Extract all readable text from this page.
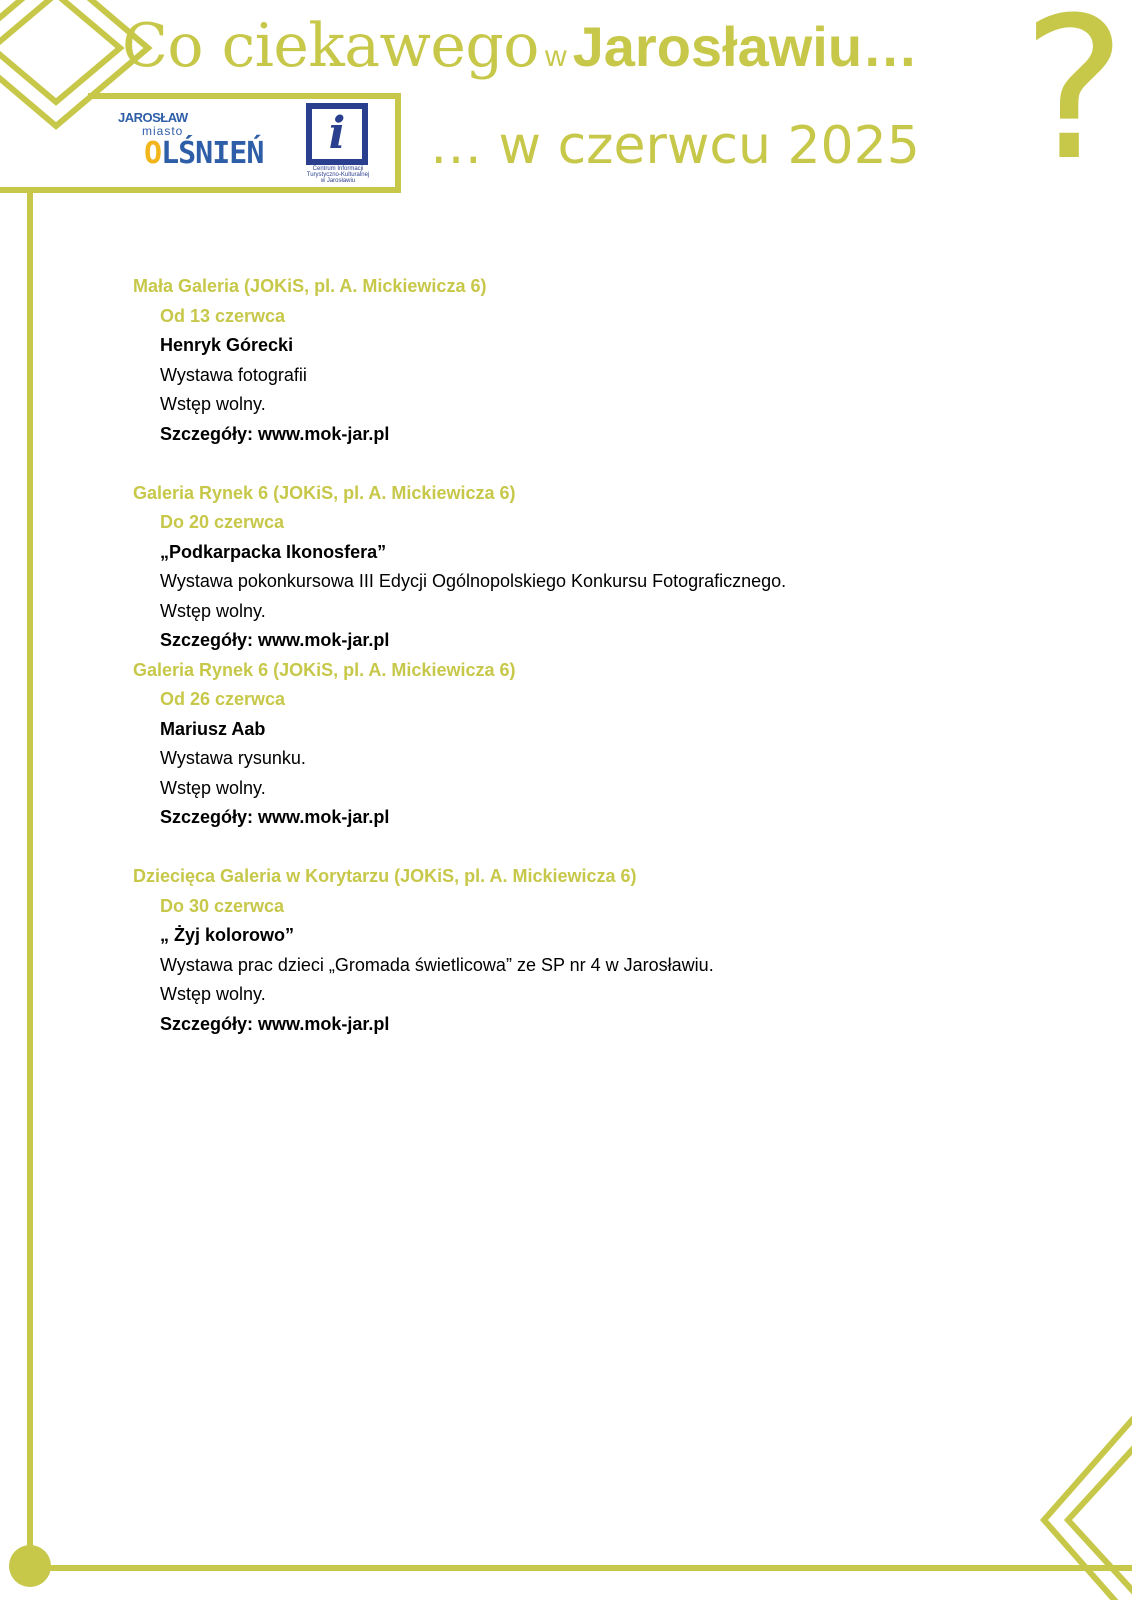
Co ciekawego w Jarosławiu…
… w czerwcu 2025 ?
JAROSŁAW
miasto
OLŚNIEŃ	i
Centrum Informacji Turystyczno-Kulturalnej w Jarosławiu
Mała Galeria (JOKiS, pl. A. Mickiewicza 6)
Od 13 czerwca
Henryk Górecki
Wystawa fotografii
Wstęp wolny.
Szczegóły: www.mok-jar.pl
Galeria Rynek 6 (JOKiS, pl. A. Mickiewicza 6)
Do 20 czerwca
„Podkarpacka Ikonosfera”
Wystawa pokonkursowa III Edycji Ogólnopolskiego Konkursu Fotograficznego.
Wstęp wolny.
Szczegóły: www.mok-jar.pl
Galeria Rynek 6 (JOKiS, pl. A. Mickiewicza 6)
Od 26 czerwca
Mariusz Aab
Wystawa rysunku.
Wstęp wolny.
Szczegóły: www.mok-jar.pl
Dziecięca Galeria w Korytarzu (JOKiS, pl. A. Mickiewicza 6)
Do 30 czerwca
„ Żyj kolorowo”
Wystawa prac dzieci „Gromada świetlicowa” ze SP nr 4 w Jarosławiu.
Wstęp wolny.
Szczegóły: www.mok-jar.pl
